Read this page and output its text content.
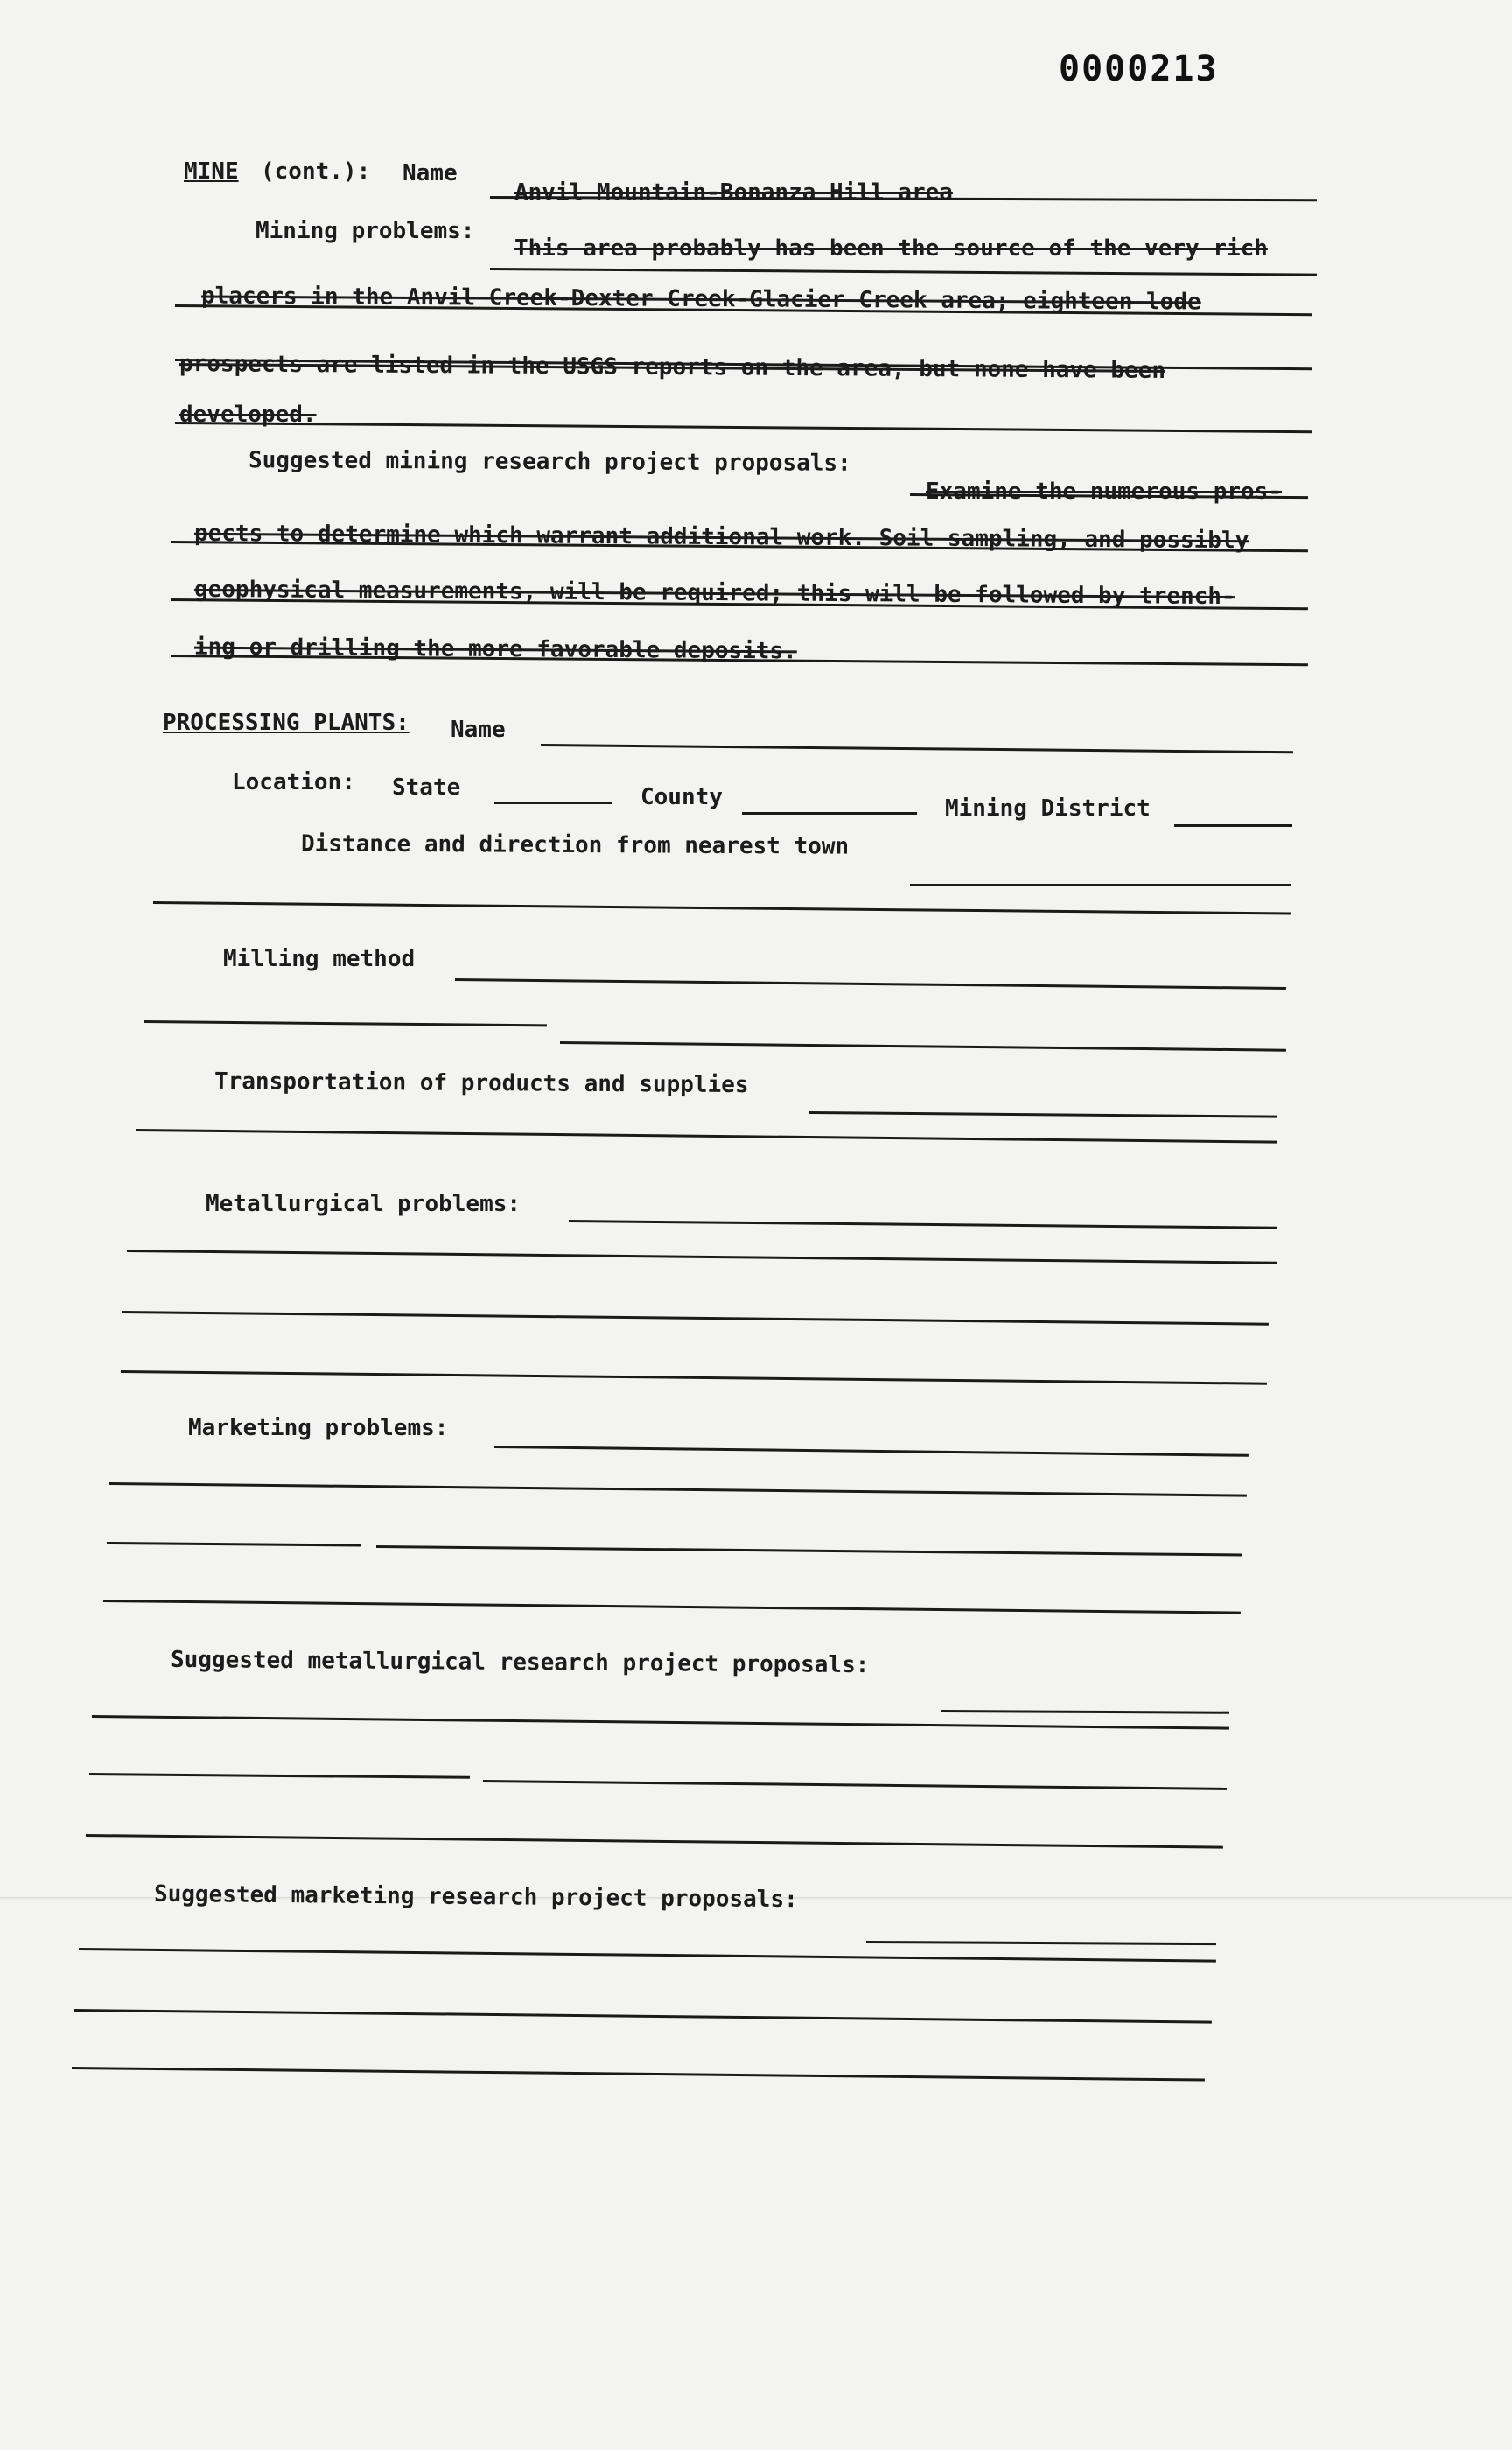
0000213
MINE (cont.): Name
Anvil Mountain-Bonanza Hill area
Mining problems:
This area probably has been the source of the very rich
placers in the Anvil Creek-Dexter Creek-Glacier Creek area; eighteen lode
prospects are listed in the USGS reports on the area, but none have been
developed.
Suggested mining research project proposals:
Examine the numerous pros-
pects to determine which warrant additional work. Soil sampling, and possibly
geophysical measurements, will be required; this will be followed by trench-
ing or drilling the more favorable deposits.
PROCESSING PLANTS: Name
Location: State	County	Mining District
Distance and direction from nearest town
Milling method
Transportation of products and supplies
Metallurgical problems:
Marketing problems:
Suggested metallurgical research project proposals:
Suggested marketing research project proposals:
